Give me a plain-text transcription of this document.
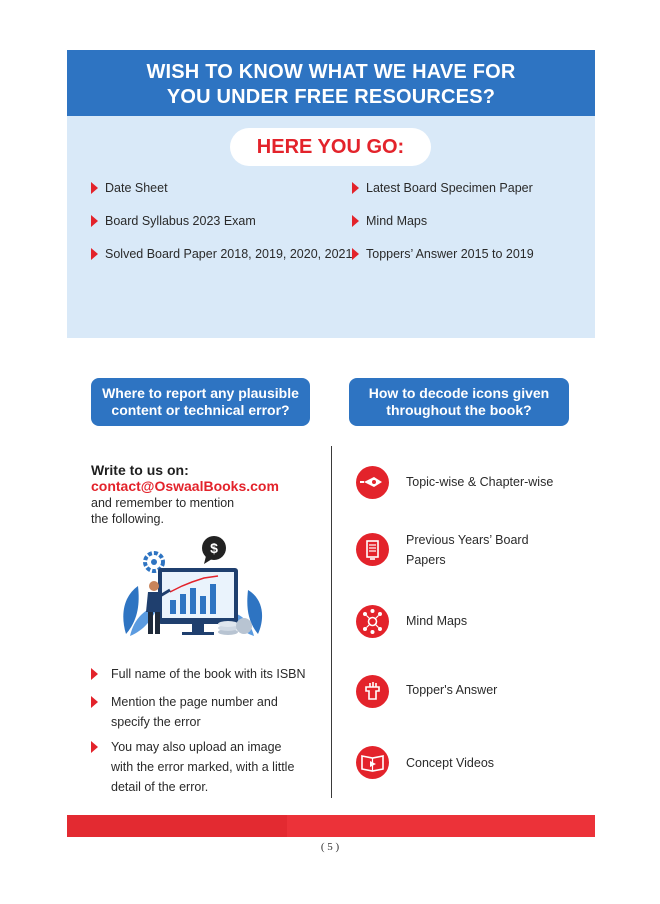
WISH TO KNOW WHAT WE HAVE FOR
YOU UNDER FREE RESOURCES?
HERE YOU GO:
Date Sheet
Board Syllabus 2023 Exam
Solved Board Paper 2018, 2019, 2020, 2021
Latest Board Specimen Paper
Mind Maps
Toppers’ Answer 2015 to 2019
Where to report any plausible
content or technical error?
How to decode icons given
throughout the book?
Write to us on:
contact@OswaalBooks.com
and remember to mention
the following.
$
Full name of the book with its ISBN
Mention the page number and
specify the error
You may also upload an image
with the error marked, with a little
detail of the error.
Topic-wise & Chapter-wise
Previous Years’ Board
Papers
Mind Maps
Topper's Answer
Concept Videos
( 5 )
